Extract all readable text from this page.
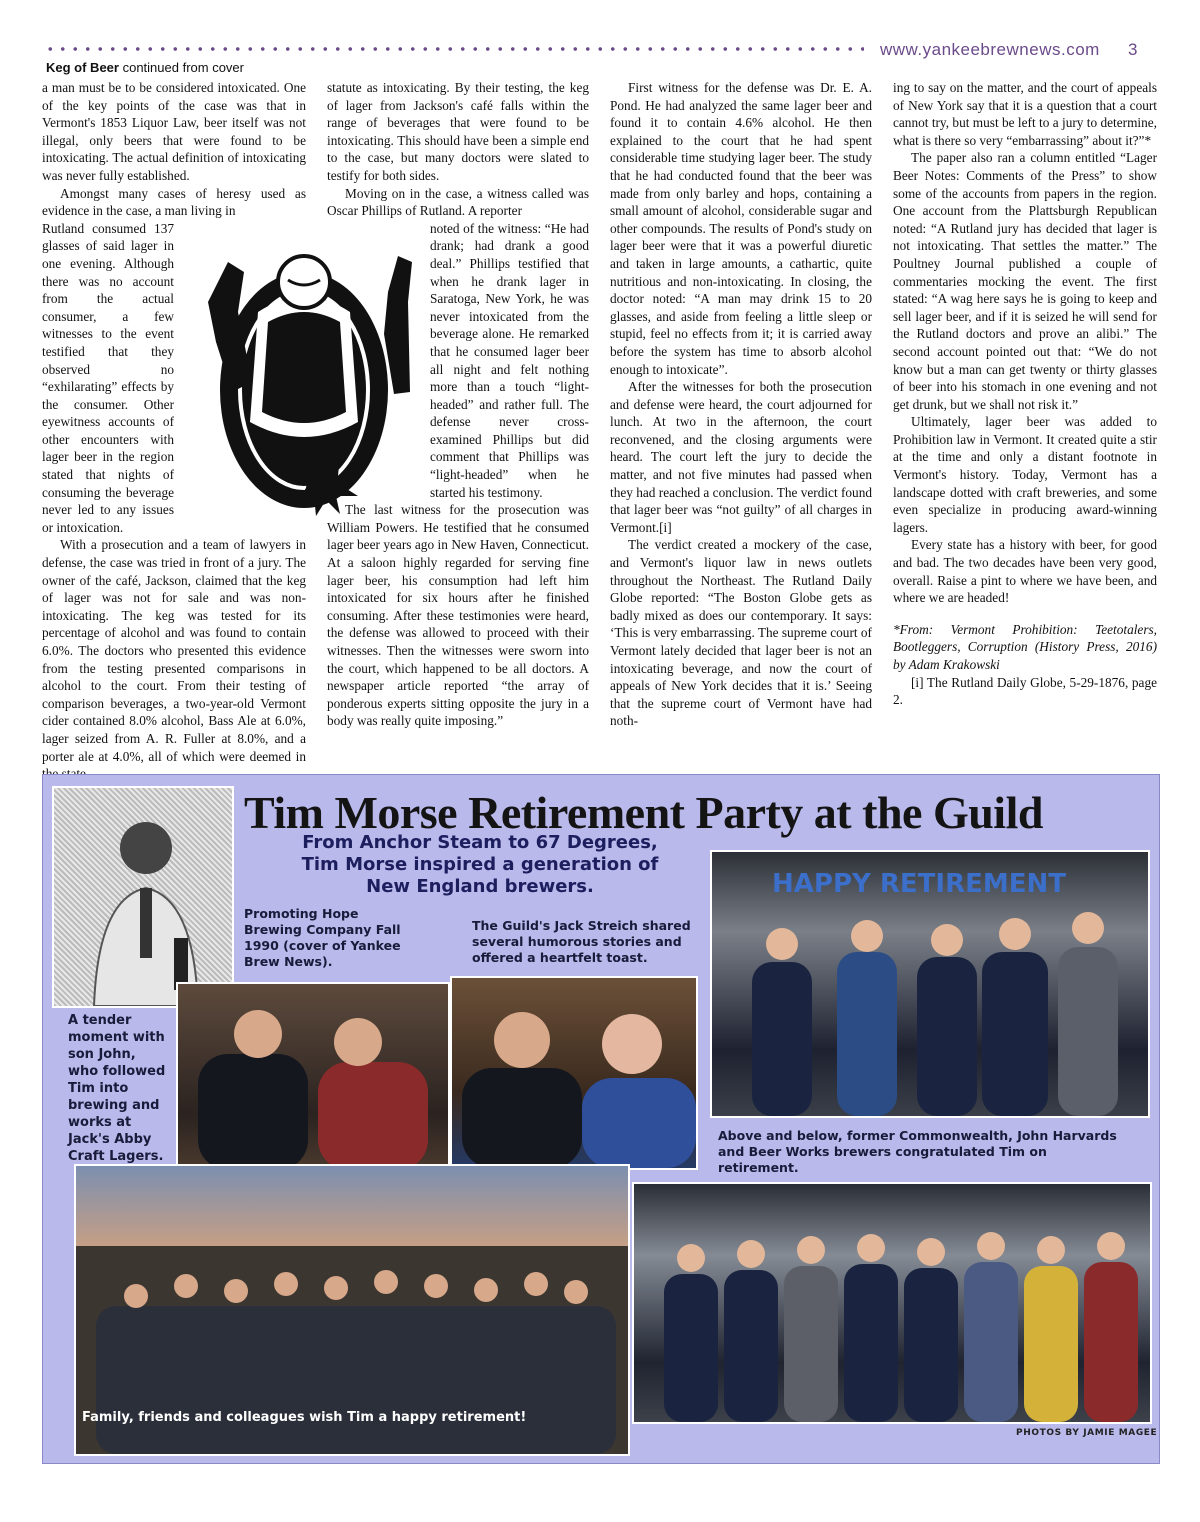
www.yankeebrewnews.com 3
Keg of Beer continued from cover

a man must be to be considered intoxicated. One of the key points of the case was that in Vermont's 1853 Liquor Law, beer itself was not illegal, only beers that were found to be intoxicating. The actual definition of intoxicating was never fully established.

Amongst many cases of heresy used as evidence in the case, a man living in

Rutland consumed 137 glasses of said lager in one evening. Although there was no account from the actual consumer, a few witnesses to the event testified that they observed no “exhilarating” effects by the consumer. Other eyewitness accounts of other encounters with lager beer in the region stated that nights of consuming the beverage never led to any issues or intoxication.

With a prosecution and a team of lawyers in defense, the case was tried in front of a jury. The owner of the café, Jackson, claimed that the keg of lager was not for sale and was non-intoxicating. The keg was tested for its percentage of alcohol and was found to contain 6.0%. The doctors who presented this evidence from the testing presented comparisons in alcohol to the court. From their testing of comparison beverages, a two-year-old Vermont cider contained 8.0% alcohol, Bass Ale at 6.0%, lager seized from A. R. Fuller at 8.0%, and a porter ale at 4.0%, all of which were deemed in

statute as intoxicating. By their testing, the keg of lager from Jackson's café falls within the range of beverages that were found to be intoxicating. This should have been a simple end to the case, but many doctors were slated to testify for both sides.

Moving on in the case, a witness called was Oscar Phillips of Rutland. A reporter

noted of the witness: “He had drank; had drank a good deal.” Phillips testified that when he drank lager in Saratoga, New York, he was never intoxicated from the beverage alone. He remarked that he consumed lager beer all night and felt nothing more than a touch “light-headed” and rather full. The defense never cross-examined Phillips but did comment that Phillips was “light-headed” when he started his testimony.

The last witness for the prosecution was William Powers. He testified that he consumed lager beer years ago in New Haven, Connecticut. At a saloon highly regarded for serving fine lager beer, his consumption had left him intoxicated for six hours after he finished consuming. After these testimonies were heard, the defense was allowed to proceed with their witnesses. Then the witnesses were sworn into the court, which happened to be all doctors. A newspaper article reported “the array of ponderous experts sitting opposite the jury in a body was really quite imposing.”

First witness for the defense was Dr. E. A. Pond. He had analyzed the same lager beer and found it to contain 4.6% alcohol. He then explained to the court that he had spent considerable time studying lager beer. The study that he had conducted found that the beer was made from only barley and hops, containing a small amount of alcohol, considerable sugar and other compounds. The results of Pond's study on lager beer were that it was a powerful diuretic and taken in large amounts, a cathartic, quite nutritious and non-intoxicating. In closing, the doctor noted: “A man may drink 15 to 20 glasses, and aside from feeling a little sleep or stupid, feel no effects from it; it is carried away before the system has time to absorb alcohol enough to intoxicate”.

After the witnesses for both the prosecution and defense were heard, the court adjourned for lunch. At two in the afternoon, the court reconvened, and the closing arguments were heard. The court left the jury to decide the matter, and not five minutes had passed when they had reached a conclusion. The verdict found that lager beer was “not guilty” of all charges in Vermont.[i]

The verdict created a mockery of the case, and Vermont's liquor law in news outlets throughout the Northeast. The Rutland Daily Globe reported: “The Boston Globe gets as badly mixed as does our contemporary. It says: ‘This is very embarrassing. The supreme court of Vermont lately decided that lager beer is not an intoxicating beverage, and now the court of appeals of New York decides that it is.’ Seeing that the supreme court of Vermont have had noth-

ing to say on the matter, and the court of appeals of New York say that it is a question that a court cannot try, but must be left to a jury to determine, what is there so very “embarrassing” about it?”*

The paper also ran a column entitled “Lager Beer Notes: Comments of the Press” to show some of the accounts from papers in the region. One account from the Plattsburgh Republican noted: “A Rutland jury has decided that lager is not intoxicating. That settles the matter.” The Poultney Journal published a couple of commentaries mocking the event. The first stated: “A wag here says he is going to keep and sell lager beer, and if it is seized he will send for the Rutland doctors and prove an alibi.” The second account pointed out that: “We do not know but a man can get twenty or thirty glasses of beer into his stomach in one evening and not get drunk, but we shall not risk it.”

Ultimately, lager beer was added to Prohibition law in Vermont. It created quite a stir at the time and only a distant footnote in Vermont's history. Today, Vermont has a landscape dotted with craft breweries, and some even specialize in producing award-winning lagers.

Every state has a history with beer, for good and bad. The two decades have been very good, overall. Raise a pint to where we have been, and where we are headed!

*From: Vermont Prohibition: Teetotalers, Bootleggers, Corruption (History Press, 2016) by Adam Krakowski

[i] The Rutland Daily Globe, 5-29-1876, page 2.

Tim Morse Retirement Party at the Guild
From Anchor Steam to 67 Degrees, Tim Morse inspired a generation of New England brewers.
Promoting Hope Brewing Company Fall 1990 (cover of Yankee Brew News).
The Guild's Jack Streich shared several humorous stories and offered a heartfelt toast.
HAPPY RETIREMENT
A tender moment with son John, who followed Tim into brewing and works at Jack's Abby Craft Lagers.
Above and below, former Commonwealth, John Harvards and Beer Works brewers congratulated Tim on retirement.
Family, friends and colleagues wish Tim a happy retirement!
PHOTOS BY JAMIE MAGEE
